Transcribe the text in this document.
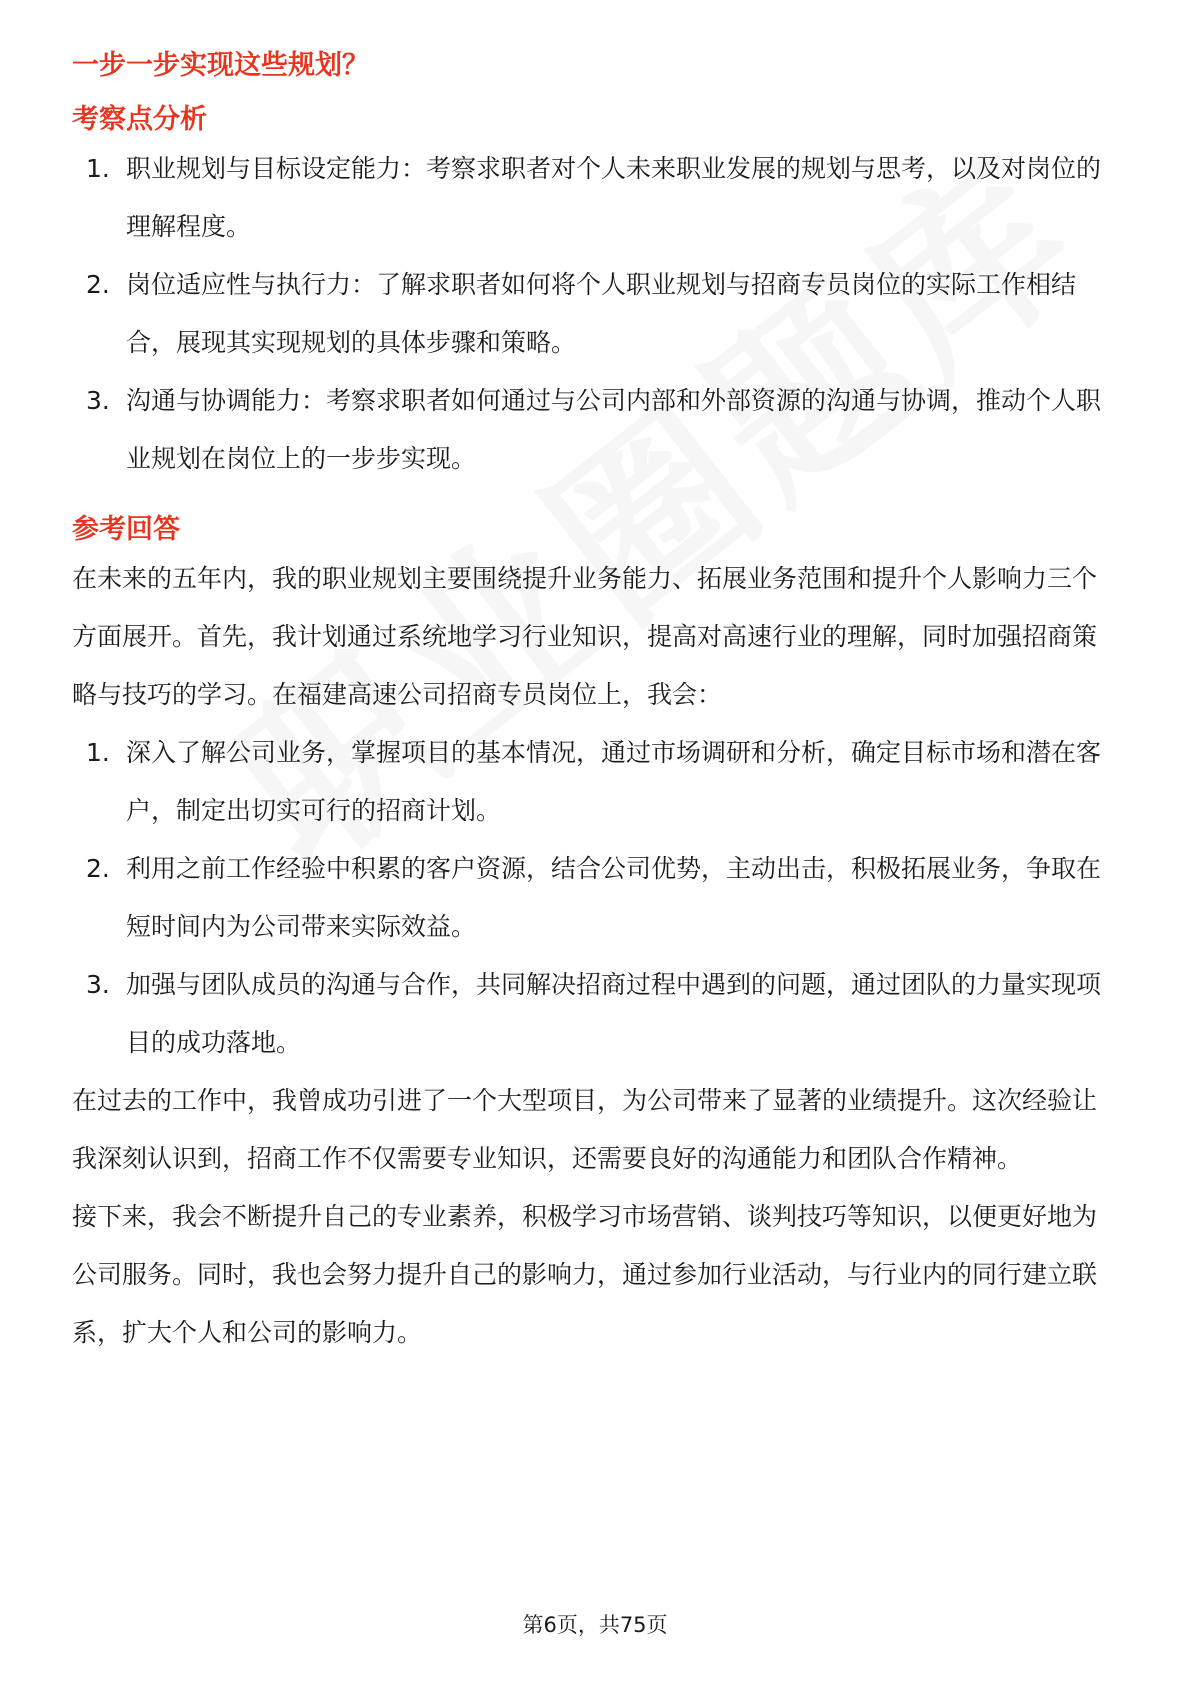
一步一步实现这些规划？
考察点分析
1. 职业规划与目标设定能力：考察求职者对个人未来职业发展的规划与思考，以及对岗位的理解程度。
2. 岗位适应性与执行力：了解求职者如何将个人职业规划与招商专员岗位的实际工作相结合，展现其实现规划的具体步骤和策略。
3. 沟通与协调能力：考察求职者如何通过与公司内部和外部资源的沟通与协调，推动个人职业规划在岗位上的一步步实现。
参考回答

在未来的五年内，我的职业规划主要围绕提升业务能力、拓展业务范围和提升个人影响力三个方面展开。首先，我计划通过系统地学习行业知识，提高对高速行业的理解，同时加强招商策略与技巧的学习。在福建高速公司招商专员岗位上，我会：

1. 深入了解公司业务，掌握项目的基本情况，通过市场调研和分析，确定目标市场和潜在客户，制定出切实可行的招商计划。
2. 利用之前工作经验中积累的客户资源，结合公司优势，主动出击，积极拓展业务，争取在短时间内为公司带来实际效益。
3. 加强与团队成员的沟通与合作，共同解决招商过程中遇到的问题，通过团队的力量实现项目的成功落地。

在过去的工作中，我曾成功引进了一个大型项目，为公司带来了显著的业绩提升。这次经验让我深刻认识到，招商工作不仅需要专业知识，还需要良好的沟通能力和团队合作精神。

接下来，我会不断提升自己的专业素养，积极学习市场营销、谈判技巧等知识，以便更好地为公司服务。同时，我也会努力提升自己的影响力，通过参加行业活动，与行业内的同行建立联系，扩大个人和公司的影响力。

第6页，共75页
